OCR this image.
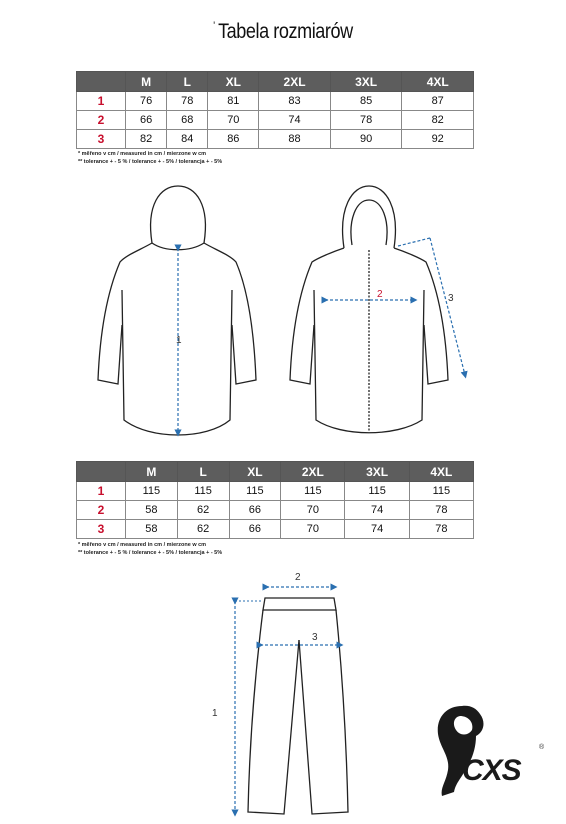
' Tabela rozmiarów
	M	L	XL	2XL	3XL	4XL
1	76	78	81	83	85	87
2	66	68	70	74	78	82
3	82	84	86	88	90	92
* měřeno v cm / measured in cm / mierzone w cm
** tolerance + - 5 % / tolerance + - 5% / tolerancja + - 5%
	M	L	XL	2XL	3XL	4XL
1	115	115	115	115	115	115
2	58	62	66	70	74	78
3	58	62	66	70	74	78
* měřeno v cm / measured in cm / mierzone w cm
** tolerance + - 5 % / tolerance + - 5% / tolerancja + - 5%
1
2	3
2
3
1
CXS
®
